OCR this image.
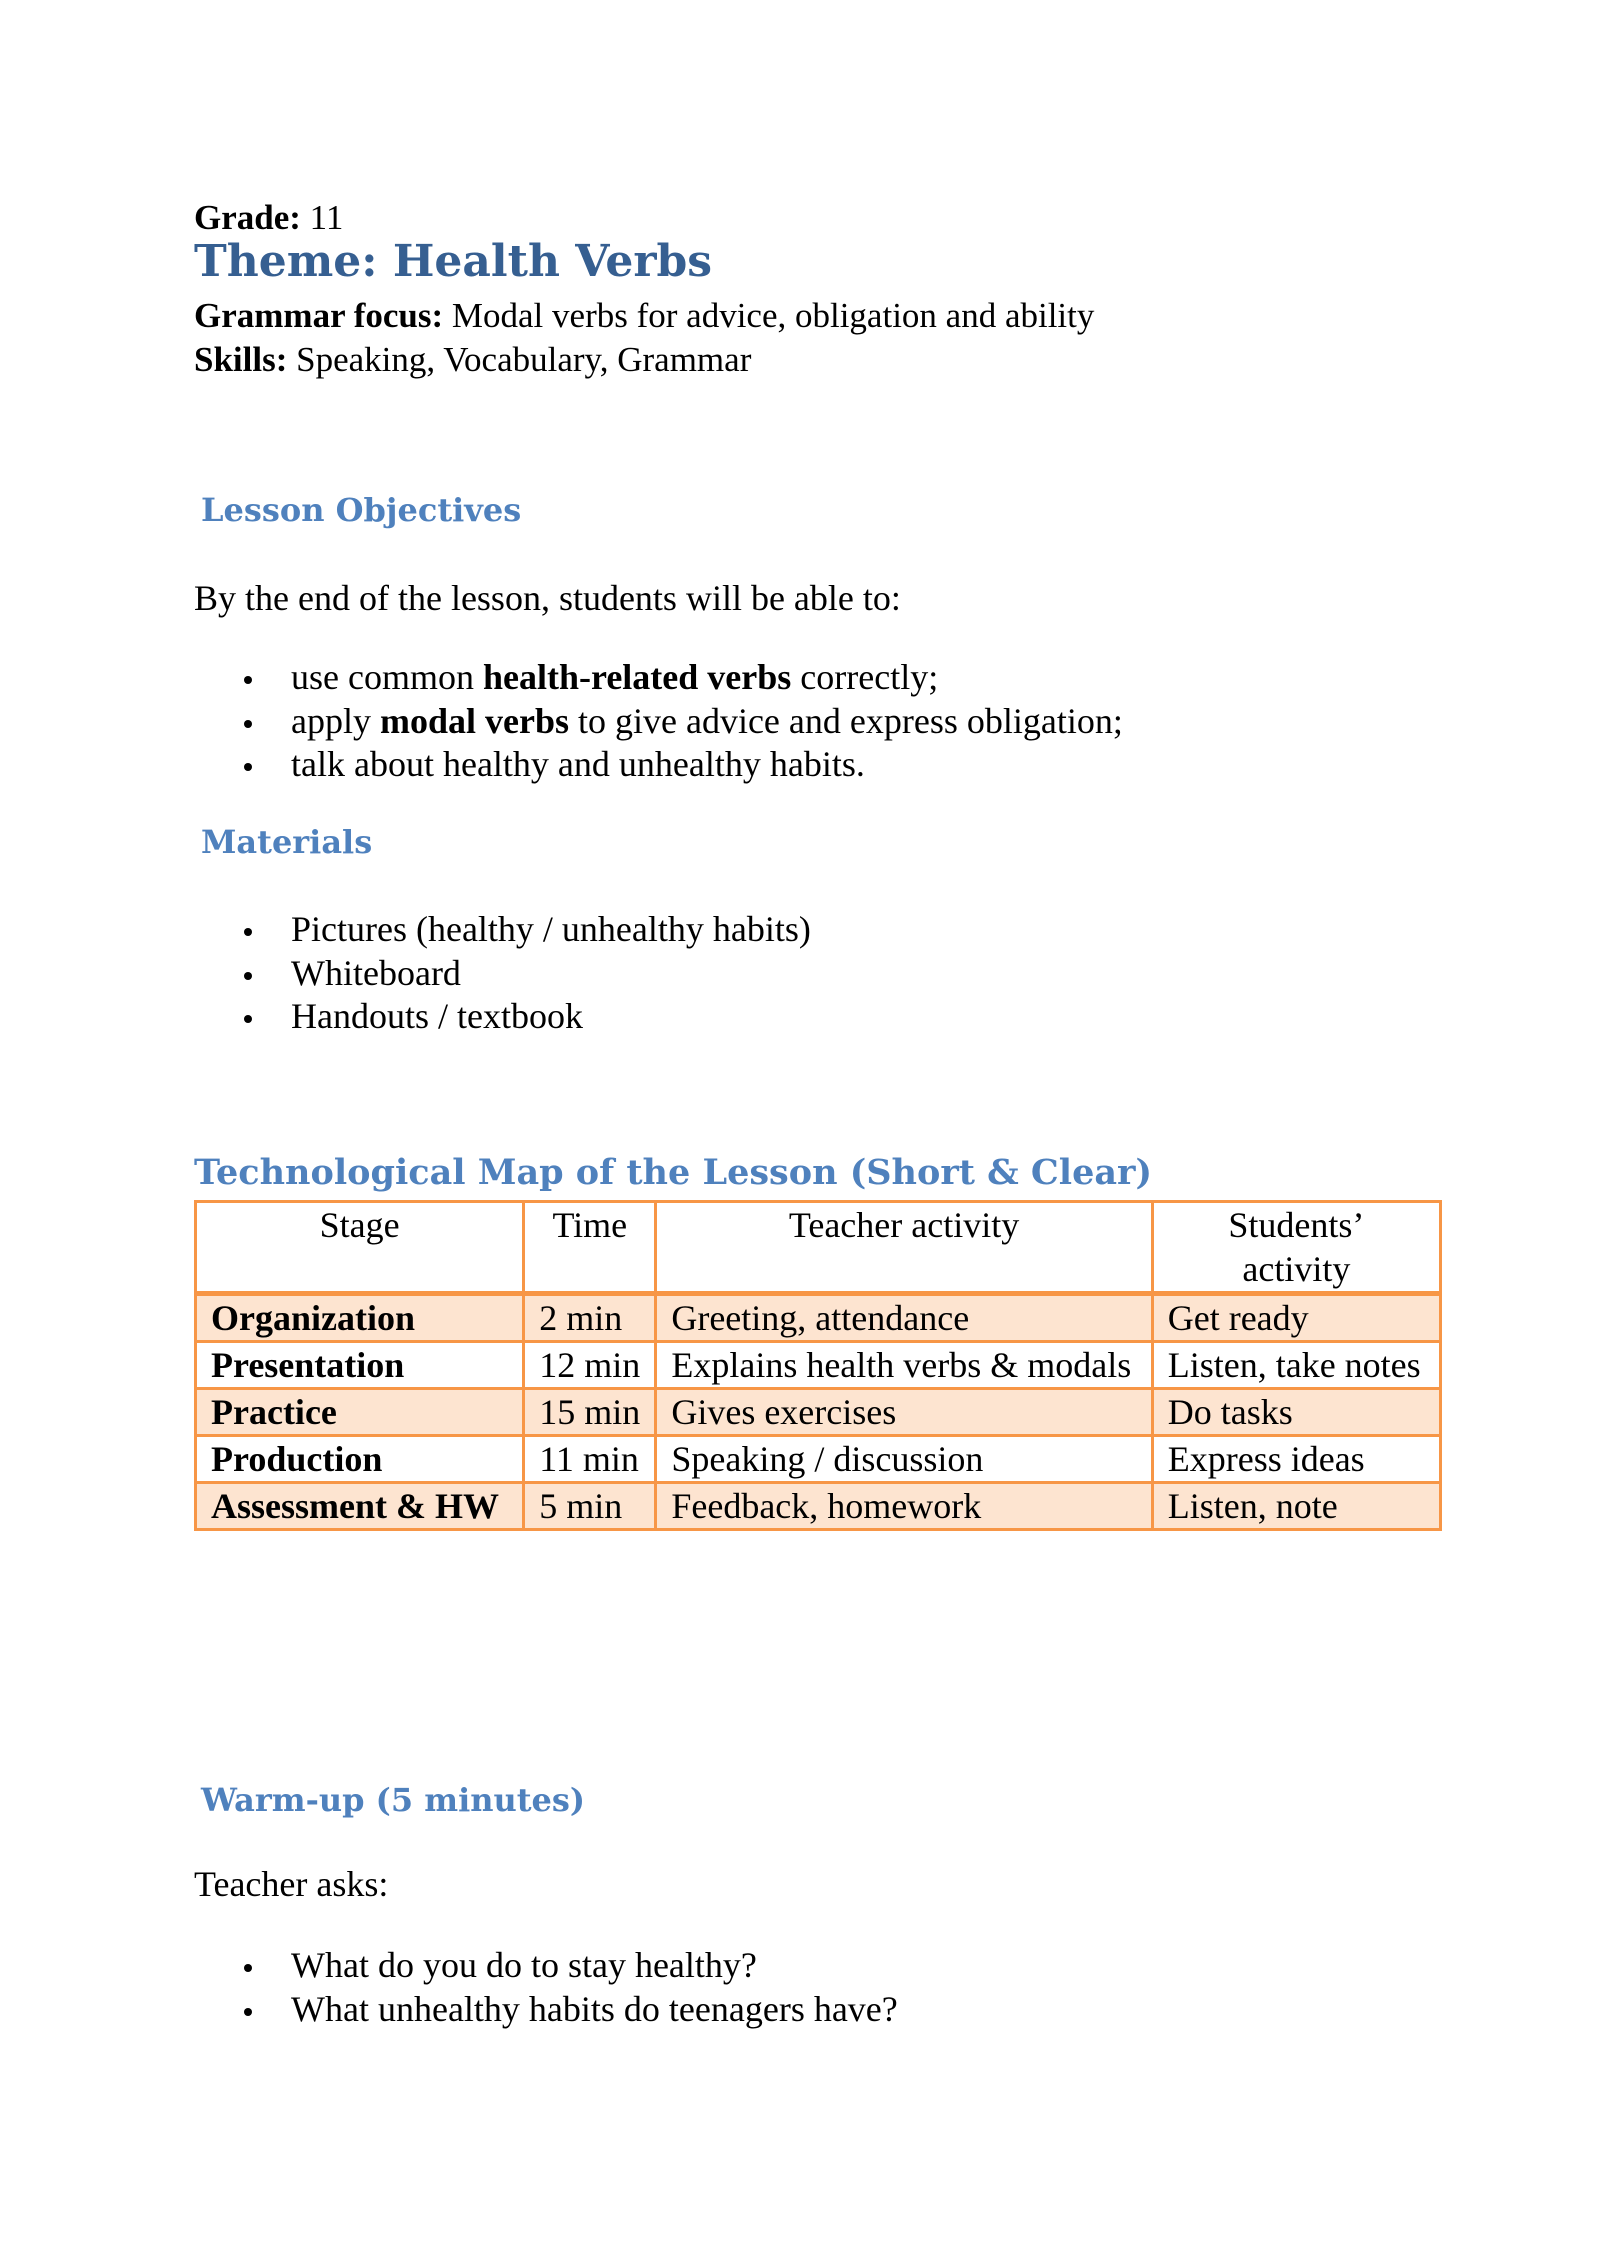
Grade: 11

Theme: Health Verbs

Grammar focus: Modal verbs for advice, obligation and ability

Skills: Speaking, Vocabulary, Grammar

Lesson Objectives

By the end of the lesson, students will be able to:

use common health-related verbs correctly;
apply modal verbs to give advice and express obligation;
talk about healthy and unhealthy habits.
Materials
Pictures (healthy / unhealthy habits)
Whiteboard
Handouts / textbook
Technological Map of the Lesson (Short & Clear)
Stage	Time	Teacher activity	Students’ activity
Organization	2 min	Greeting, attendance	Get ready
Presentation	12 min	Explains health verbs & modals	Listen, take notes
Practice	15 min	Gives exercises	Do tasks
Production	11 min	Speaking / discussion	Express ideas
Assessment & HW	5 min	Feedback, homework	Listen, note
Warm-up (5 minutes)

Teacher asks:

What do you do to stay healthy?
What unhealthy habits do teenagers have?
